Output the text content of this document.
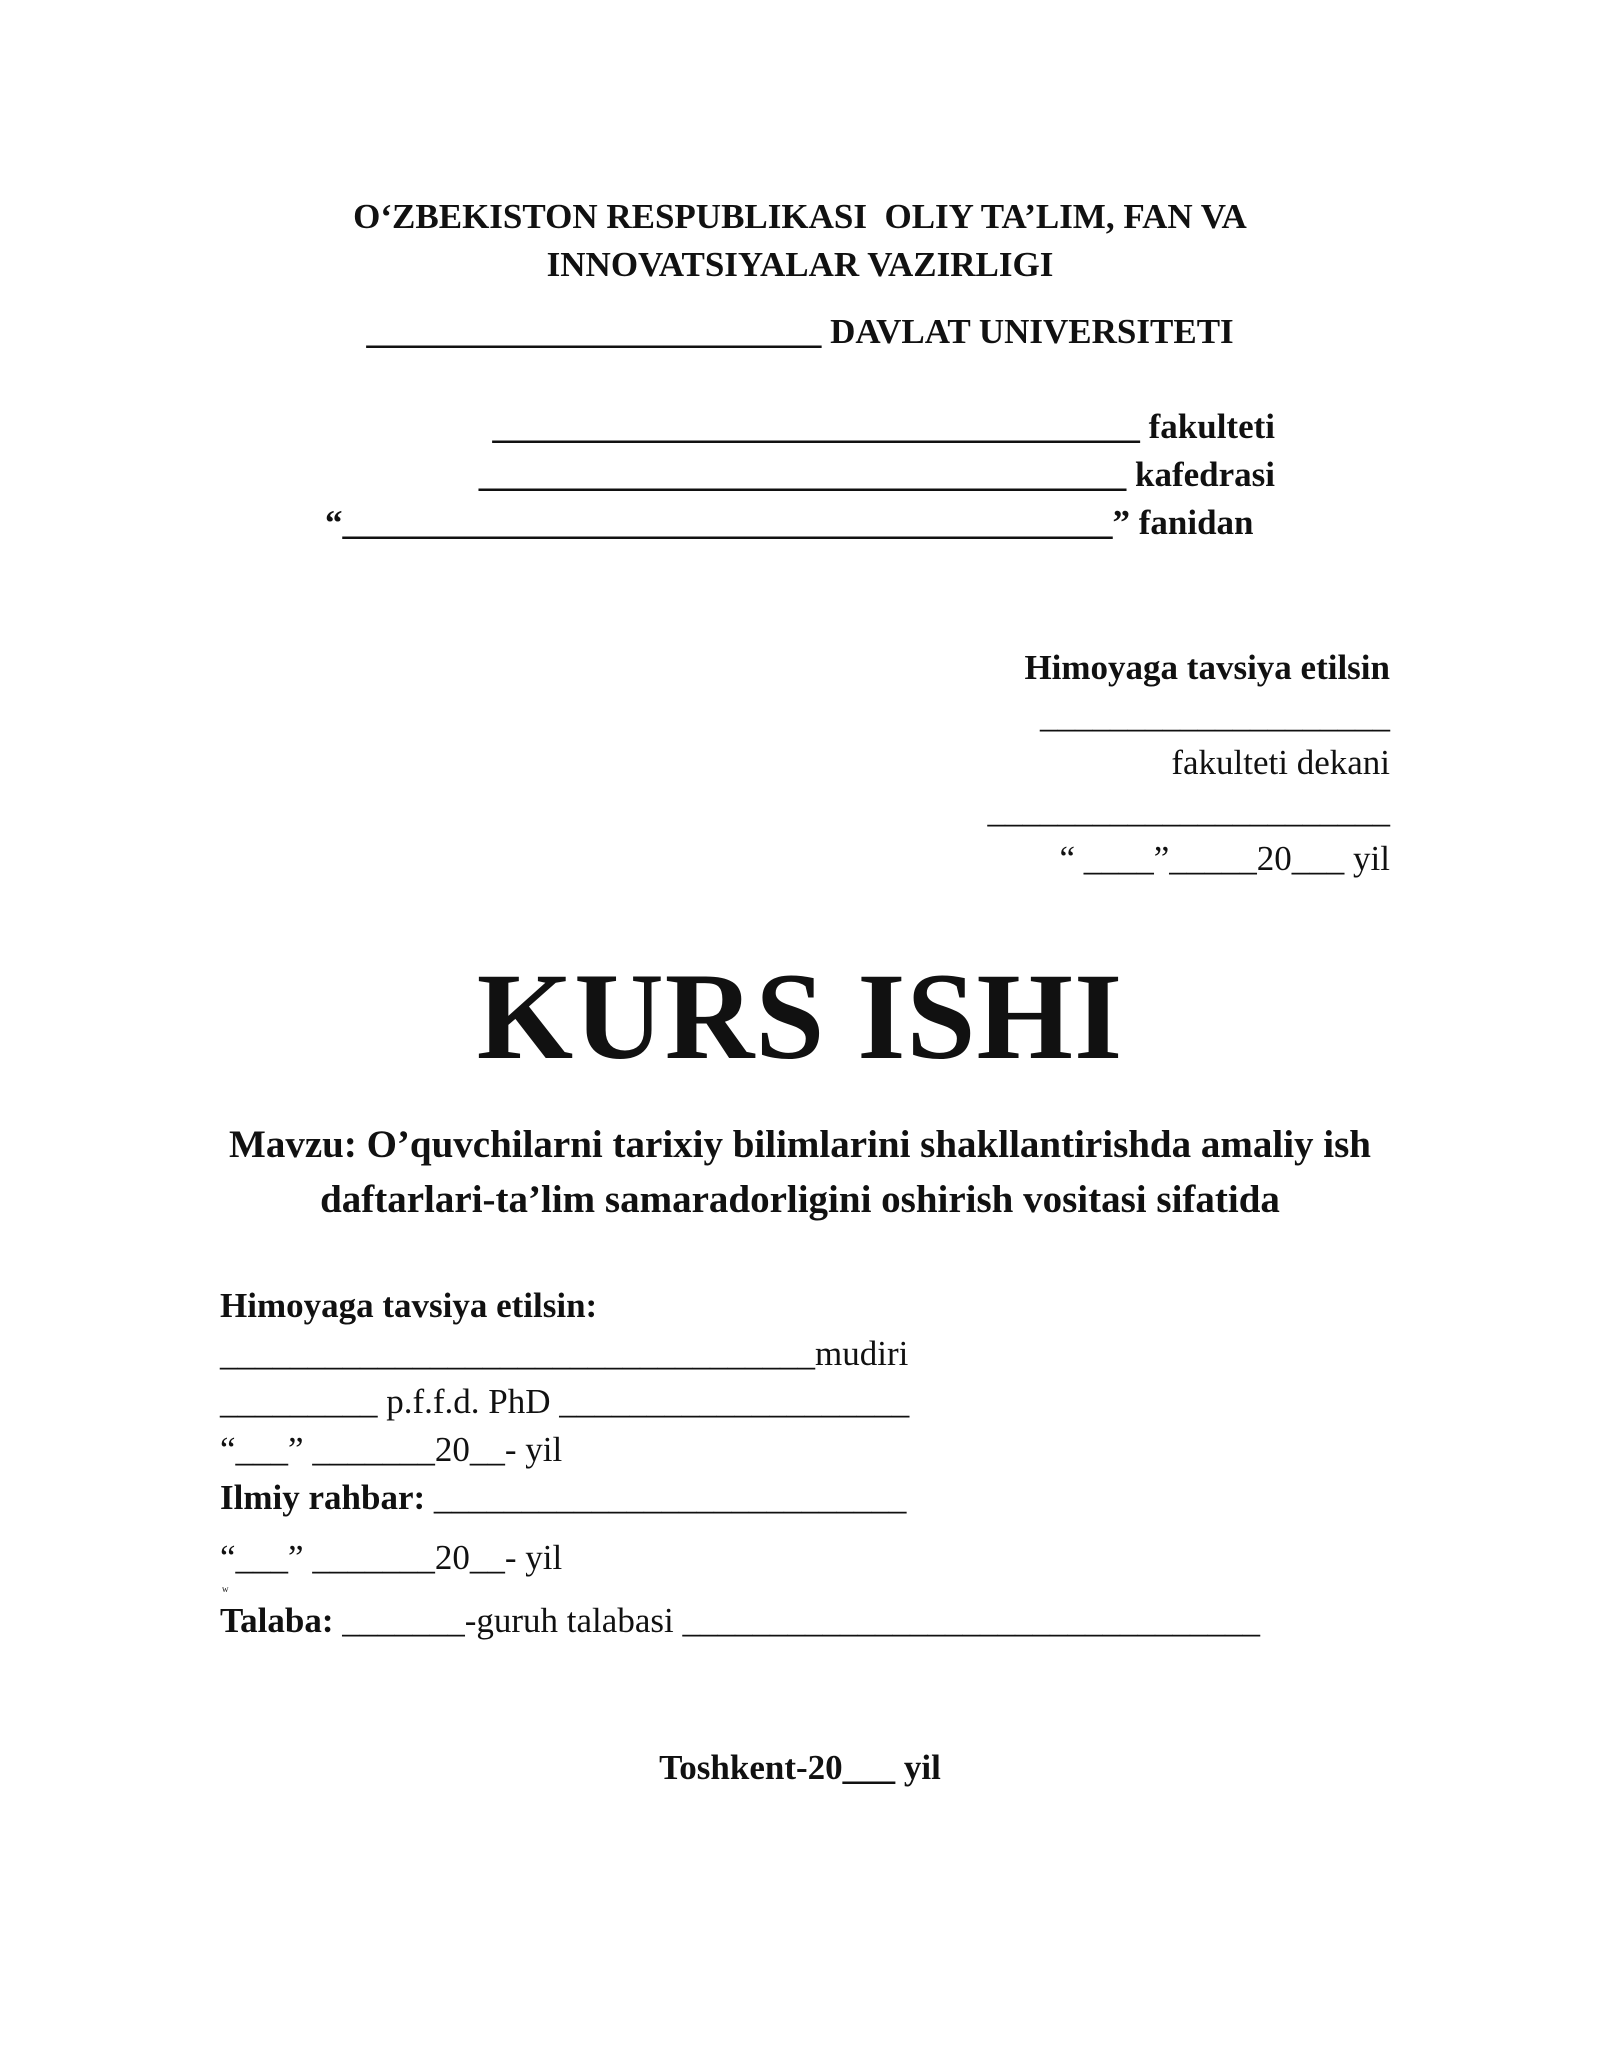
O‘ZBEKISTON RESPUBLIKASI  OLIY TA’LIM, FAN VA
INNOVATSIYALAR VAZIRLIGI
__________________________ DAVLAT UNIVERSITETI
_____________________________________ fakulteti
_____________________________________ kafedrasi
“____________________________________________” fanidan
Himoyaga tavsiya etilsin
____________________
fakulteti dekani
_______________________
“ ____”_____20___ yil
KURS ISHI
Mavzu: O’quvchilarni tarixiy bilimlarini shakllantirishda amaliy ish
daftarlari-ta’lim samaradorligini oshirish vositasi sifatida
Himoyaga tavsiya etilsin:
__________________________________mudiri
_________ p.f.f.d. PhD ____________________
“___” _______20__- yil
Ilmiy rahbar: ___________________________
“___” _______20__- yil
w
Talaba: _______-guruh talabasi _________________________________
Toshkent-20___ yil
